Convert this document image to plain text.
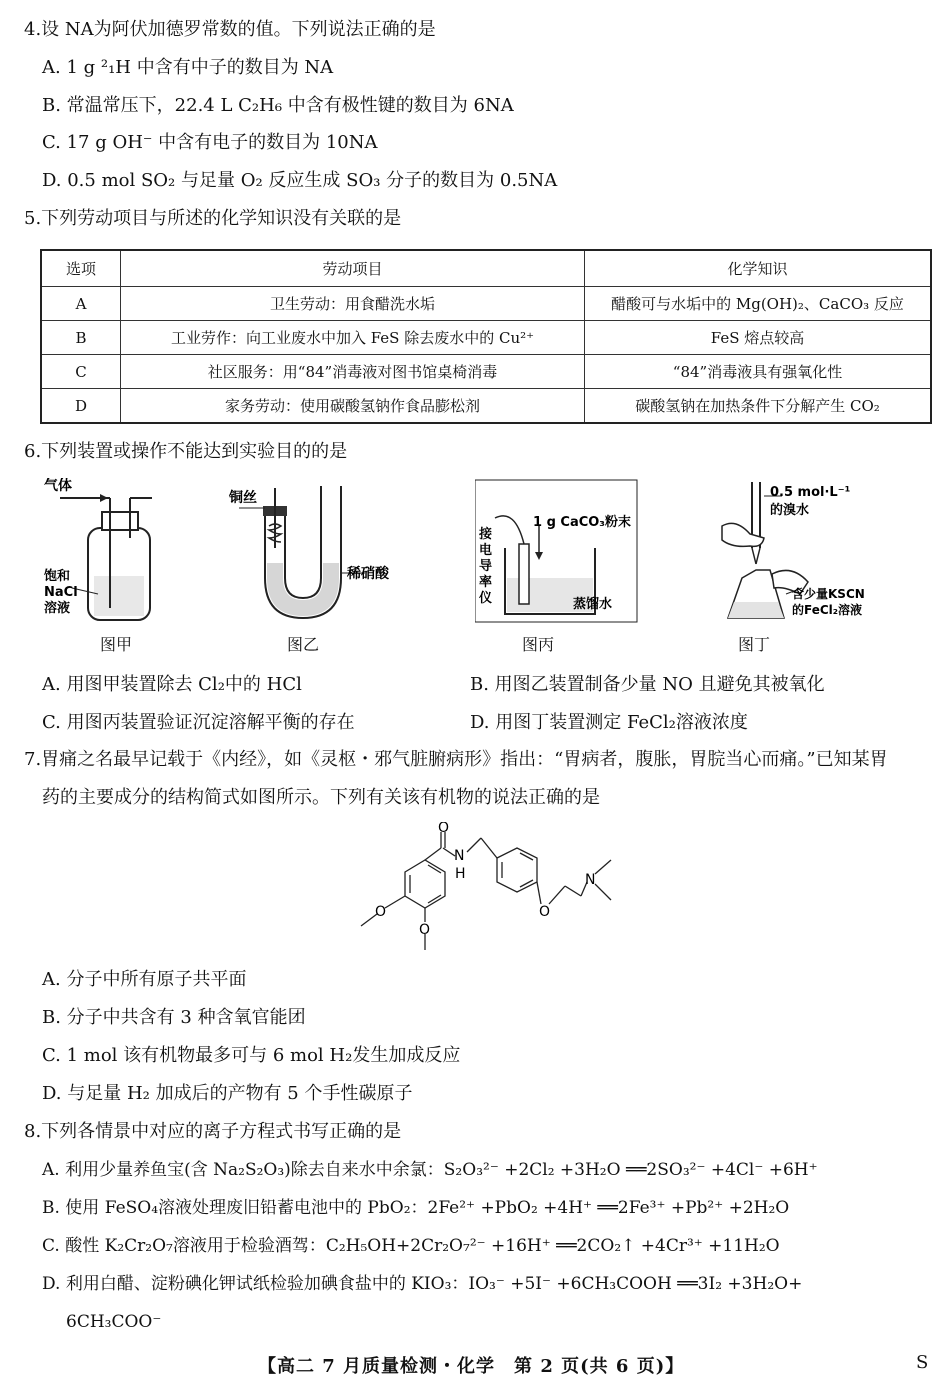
4.设 NA为阿伏加德罗常数的值。下列说法正确的是
A. 1 g ²₁H 中含有中子的数目为 NA
B. 常温常压下，22.4 L C₂H₆ 中含有极性键的数目为 6NA
C. 17 g OH⁻ 中含有电子的数目为 10NA
D. 0.5 mol SO₂ 与足量 O₂ 反应生成 SO₃ 分子的数目为 0.5NA
5.下列劳动项目与所述的化学知识没有关联的是
选项	劳动项目	化学知识
A	卫生劳动：用食醋洗水垢	醋酸可与水垢中的 Mg(OH)₂、CaCO₃ 反应
B	工业劳作：向工业废水中加入 FeS 除去废水中的 Cu²⁺	FeS 熔点较高
C	社区服务：用“84”消毒液对图书馆桌椅消毒	“84”消毒液具有强氧化性
D	家务劳动：使用碳酸氢钠作食品膨松剂	碳酸氢钠在加热条件下分解产生 CO₂
6.下列装置或操作不能达到实验目的的是
气体
饱和
NaCl
溶液
图甲
铜丝
稀硝酸
图乙
1 g CaCO₃粉末
接
电
导
率
仪	蒸馏水
图丙
0.5 mol·L⁻¹
的溴水
含少量KSCN
的FeCl₂溶液
图丁
A. 用图甲装置除去 Cl₂中的 HCl	B. 用图乙装置制备少量 NO 且避免其被氧化
C. 用图丙装置验证沉淀溶解平衡的存在	D. 用图丁装置测定 FeCl₂溶液浓度
7.胃痛之名最早记载于《内经》，如《灵枢・邪气脏腑病形》指出：“胃病者，腹胀，胃脘当心而痛。”已知某胃
药的主要成分的结构简式如图所示。下列有关该有机物的说法正确的是
O
N
H
O
N
O
O
A. 分子中所有原子共平面
B. 分子中共含有 3 种含氧官能团
C. 1 mol 该有机物最多可与 6 mol H₂发生加成反应
D. 与足量 H₂ 加成后的产物有 5 个手性碳原子
8.下列各情景中对应的离子方程式书写正确的是
A. 利用少量养鱼宝(含 Na₂S₂O₃)除去自来水中余氯：S₂O₃²⁻ +2Cl₂ +3H₂O ══2SO₃²⁻ +4Cl⁻ +6H⁺
B. 使用 FeSO₄溶液处理废旧铅蓄电池中的 PbO₂：2Fe²⁺ +PbO₂ +4H⁺ ══2Fe³⁺ +Pb²⁺ +2H₂O
C. 酸性 K₂Cr₂O₇溶液用于检验酒驾：C₂H₅OH+2Cr₂O₇²⁻ +16H⁺ ══2CO₂↑ +4Cr³⁺ +11H₂O
D. 利用白醋、淀粉碘化钾试纸检验加碘食盐中的 KIO₃：IO₃⁻ +5I⁻ +6CH₃COOH ══3I₂ +3H₂O+
6CH₃COO⁻
【高二 7 月质量检测・化学　第 2 页(共 6 页)】	S
